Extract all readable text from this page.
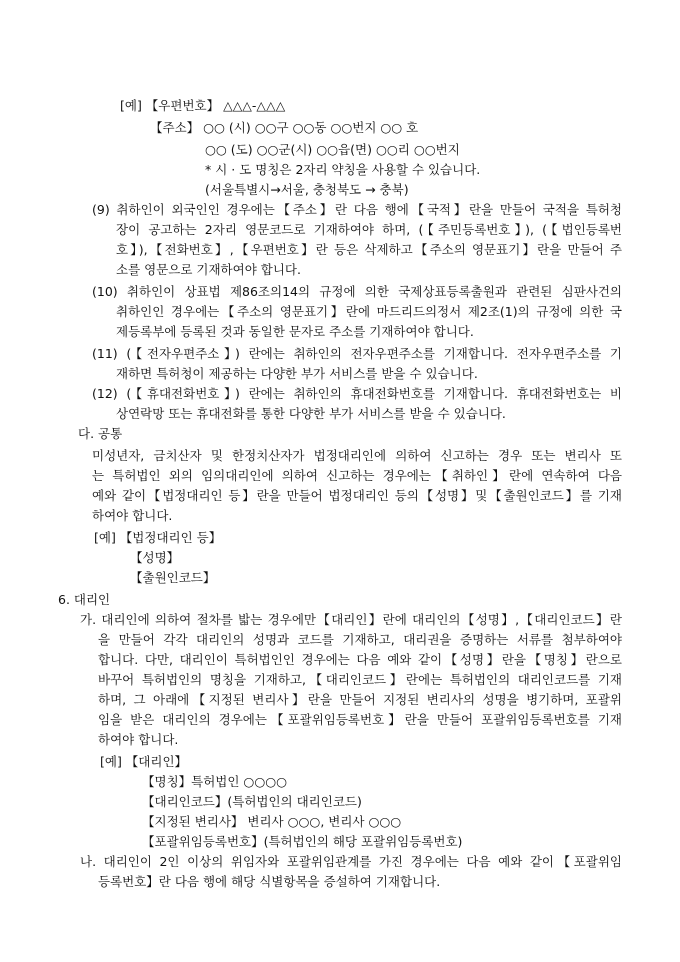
[예] 【우편번호】 △△△-△△△
【주소】 ○○ (시) ○○구 ○○동 ○○번지 ○○ 호
○○ (도) ○○군(시) ○○읍(면) ○○리 ○○번지
* 시 · 도 명칭은 2자리 약칭을 사용할 수 있습니다.
(서울특별시→서울, 충청북도 → 충북)
(9) 취하인이 외국인인 경우에는【주소】란 다음 행에【국적】란을 만들어 국적을 특허청
장이 공고하는 2자리 영문코드로 기재하여야 하며, (【주민등록번호】), (【법인등록번
호】),【전화번호】,【우편번호】란 등은 삭제하고【주소의 영문표기】란을 만들어 주
소를 영문으로 기재하여야 합니다.
(10) 취하인이 상표법 제86조의14의 규정에 의한 국제상표등록출원과 관련된 심판사건의
취하인인 경우에는【주소의 영문표기】란에 마드리드의정서 제2조(1)의 규정에 의한 국
제등록부에 등록된 것과 동일한 문자로 주소를 기재하여야 합니다.
(11) (【전자우편주소】) 란에는 취하인의 전자우편주소를 기재합니다. 전자우편주소를 기
재하면 특허청이 제공하는 다양한 부가 서비스를 받을 수 있습니다.
(12) (【휴대전화번호】) 란에는 취하인의 휴대전화번호를 기재합니다. 휴대전화번호는 비
상연락망 또는 휴대전화를 통한 다양한 부가 서비스를 받을 수 있습니다.
다. 공통
미성년자, 금치산자 및 한정치산자가 법정대리인에 의하여 신고하는 경우 또는 변리사 또
는 특허법인 외의 임의대리인에 의하여 신고하는 경우에는【취하인】란에 연속하여 다음
예와 같이【법정대리인 등】란을 만들어 법정대리인 등의【성명】및【출원인코드】를 기재
하여야 합니다.
[예] 【법정대리인 등】
【성명】
【출원인코드】
6. 대리인
가. 대리인에 의하여 절차를 밟는 경우에만【대리인】란에 대리인의【성명】,【대리인코드】란
을 만들어 각각 대리인의 성명과 코드를 기재하고, 대리권을 증명하는 서류를 첨부하여야
합니다. 다만, 대리인이 특허법인인 경우에는 다음 예와 같이【성명】란을【명칭】란으로
바꾸어 특허법인의 명칭을 기재하고,【대리인코드】란에는 특허법인의 대리인코드를 기재
하며, 그 아래에【지정된 변리사】란을 만들어 지정된 변리사의 성명을 병기하며, 포괄위
임을 받은 대리인의 경우에는【포괄위임등록번호】란을 만들어 포괄위임등록번호를 기재
하여야 합니다.
[예] 【대리인】
【명칭】특허법인 ○○○○
【대리인코드】(특허법인의 대리인코드)
【지정된 변리사】 변리사 ○○○, 변리사 ○○○
【포괄위임등록번호】(특허법인의 해당 포괄위임등록번호)
나. 대리인이 2인 이상의 위임자와 포괄위임관계를 가진 경우에는 다음 예와 같이【포괄위임
등록번호】란 다음 행에 해당 식별항목을 증설하여 기재합니다.
